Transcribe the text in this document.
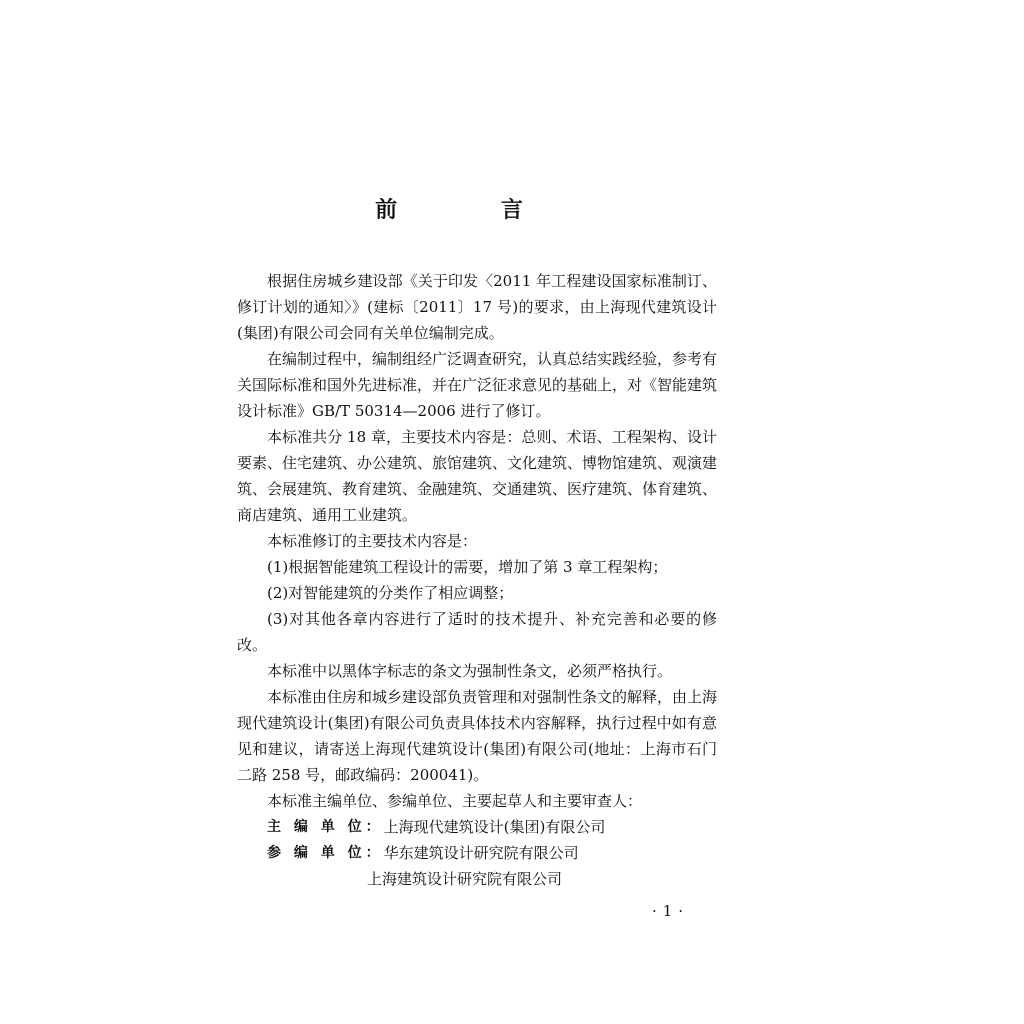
前 言

根据住房城乡建设部《关于印发〈2011 年工程建设国家标准制订、修订计划的通知〉》(建标〔2011〕17 号)的要求，由上海现代建筑设计(集团)有限公司会同有关单位编制完成。

在编制过程中，编制组经广泛调查研究，认真总结实践经验，参考有关国际标准和国外先进标准，并在广泛征求意见的基础上，对《智能建筑设计标准》GB/T 50314—2006 进行了修订。

本标准共分 18 章，主要技术内容是：总则、术语、工程架构、设计要素、住宅建筑、办公建筑、旅馆建筑、文化建筑、博物馆建筑、观演建筑、会展建筑、教育建筑、金融建筑、交通建筑、医疗建筑、体育建筑、商店建筑、通用工业建筑。

本标准修订的主要技术内容是：

(1)根据智能建筑工程设计的需要，增加了第 3 章工程架构；

(2)对智能建筑的分类作了相应调整；

(3)对其他各章内容进行了适时的技术提升、补充完善和必要的修改。

本标准中以黑体字标志的条文为强制性条文，必须严格执行。

本标准由住房和城乡建设部负责管理和对强制性条文的解释，由上海现代建筑设计(集团)有限公司负责具体技术内容解释，执行过程中如有意见和建议，请寄送上海现代建筑设计(集团)有限公司(地址：上海市石门二路 258 号，邮政编码：200041)。

本标准主编单位、参编单位、主要起草人和主要审查人：

主 编 单 位： 上海现代建筑设计(集团)有限公司
参 编 单 位： 华东建筑设计研究院有限公司

上海建筑设计研究院有限公司

·1·
